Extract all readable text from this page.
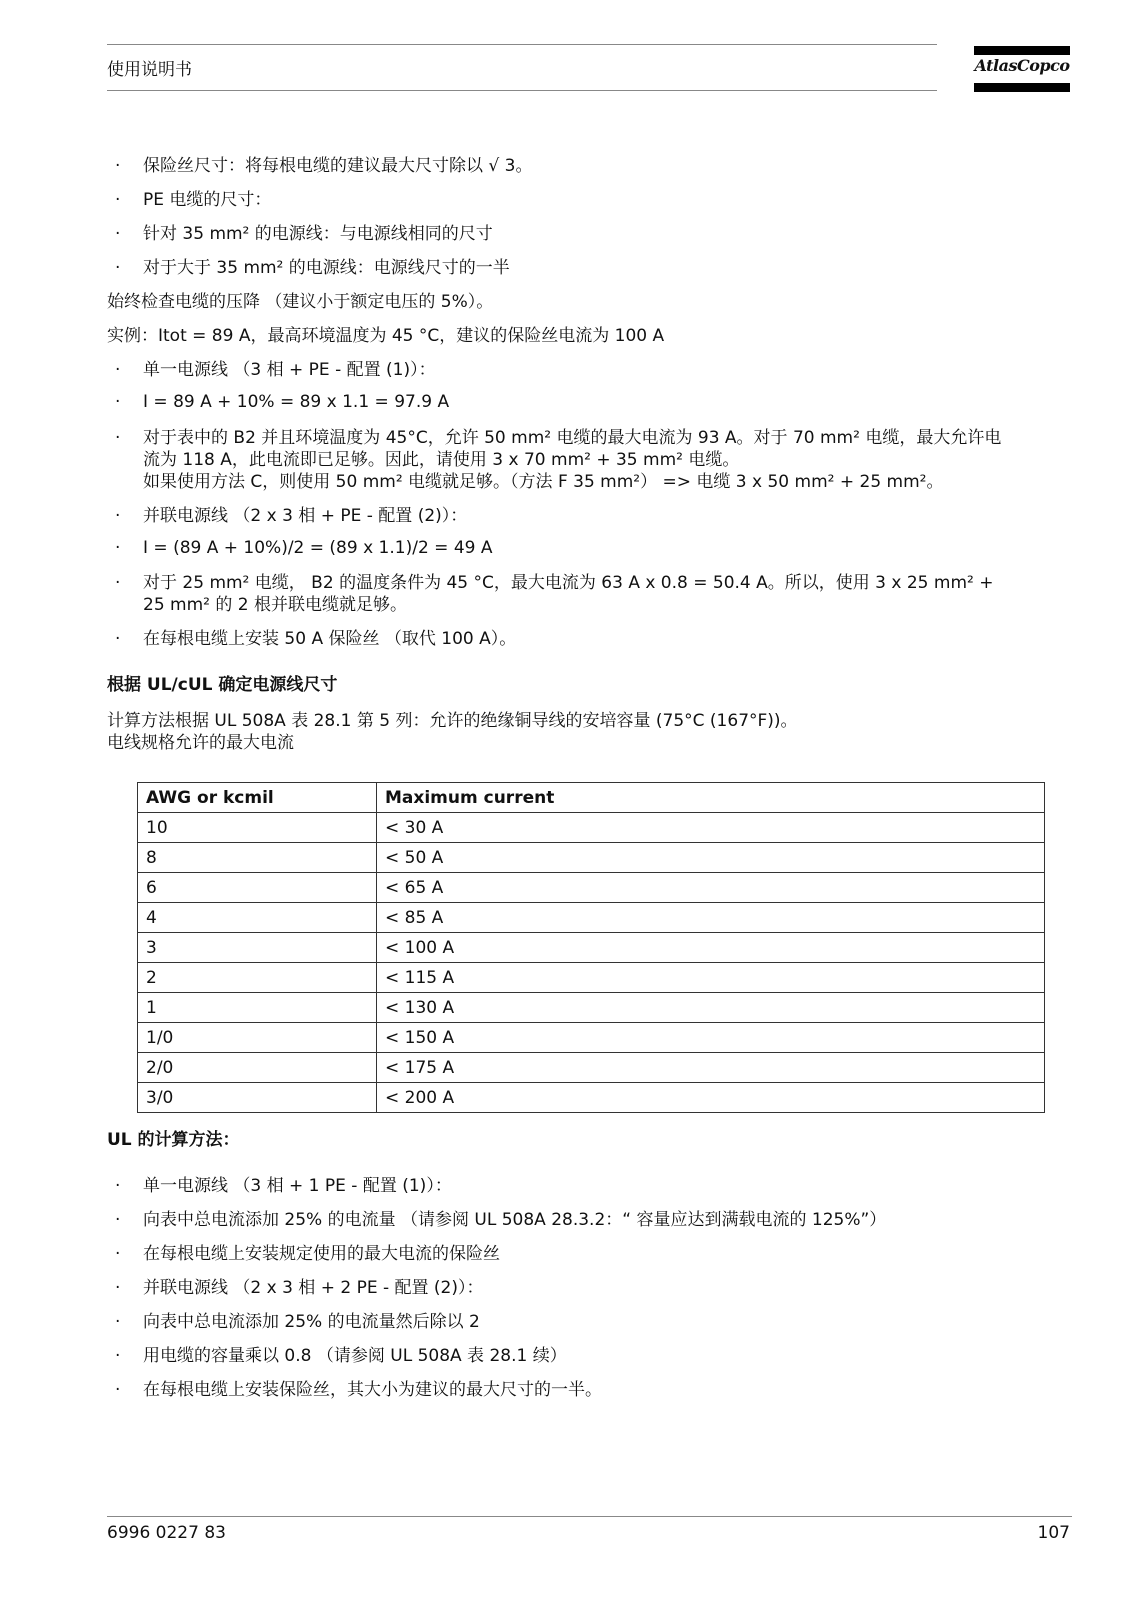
使用说明书	AtlasCopco
· 保险丝尺寸：将每根电缆的建议最大尺寸除以 √ 3。
· PE 电缆的尺寸：
· 针对 35 mm² 的电源线：与电源线相同的尺寸
· 对于大于 35 mm² 的电源线：电源线尺寸的一半
始终检查电缆的压降 （建议小于额定电压的 5%）。
实例：Itot = 89 A，最高环境温度为 45 °C，建议的保险丝电流为 100 A
· 单一电源线 （3 相 + PE - 配置 (1)）：
· I = 89 A + 10% = 89 x 1.1 = 97.9 A
· 对于表中的 B2 并且环境温度为 45°C，允许 50 mm² 电缆的最大电流为 93 A。对于 70 mm² 电缆，最大允许电
流为 118 A，此电流即已足够。因此，请使用 3 x 70 mm² + 35 mm² 电缆。
如果使用方法 C，则使用 50 mm² 电缆就足够。（方法 F 35 mm²） => 电缆 3 x 50 mm² + 25 mm²。
· 并联电源线 （2 x 3 相 + PE - 配置 (2)）：
· I = (89 A + 10%)/2 = (89 x 1.1)/2 = 49 A
· 对于 25 mm² 电缆， B2 的温度条件为 45 °C，最大电流为 63 A x 0.8 = 50.4 A。所以，使用 3 x 25 mm² +
25 mm² 的 2 根并联电缆就足够。
· 在每根电缆上安装 50 A 保险丝 （取代 100 A）。
根据 UL/cUL 确定电源线尺寸
计算方法根据 UL 508A 表 28.1 第 5 列：允许的绝缘铜导线的安培容量 (75°C (167°F))。
电线规格允许的最大电流
AWG or kcmil	Maximum current
10	< 30 A
8	< 50 A
6	< 65 A
4	< 85 A
3	< 100 A
2	< 115 A
1	< 130 A
1/0	< 150 A
2/0	< 175 A
3/0	< 200 A
UL 的计算方法：
· 单一电源线 （3 相 + 1 PE - 配置 (1)）：
· 向表中总电流添加 25% 的电流量 （请参阅 UL 508A 28.3.2：“ 容量应达到满载电流的 125%”）
· 在每根电缆上安装规定使用的最大电流的保险丝
· 并联电源线 （2 x 3 相 + 2 PE - 配置 (2)）：
· 向表中总电流添加 25% 的电流量然后除以 2
· 用电缆的容量乘以 0.8 （请参阅 UL 508A 表 28.1 续）
· 在每根电缆上安装保险丝，其大小为建议的最大尺寸的一半。
6996 0227 83	107
